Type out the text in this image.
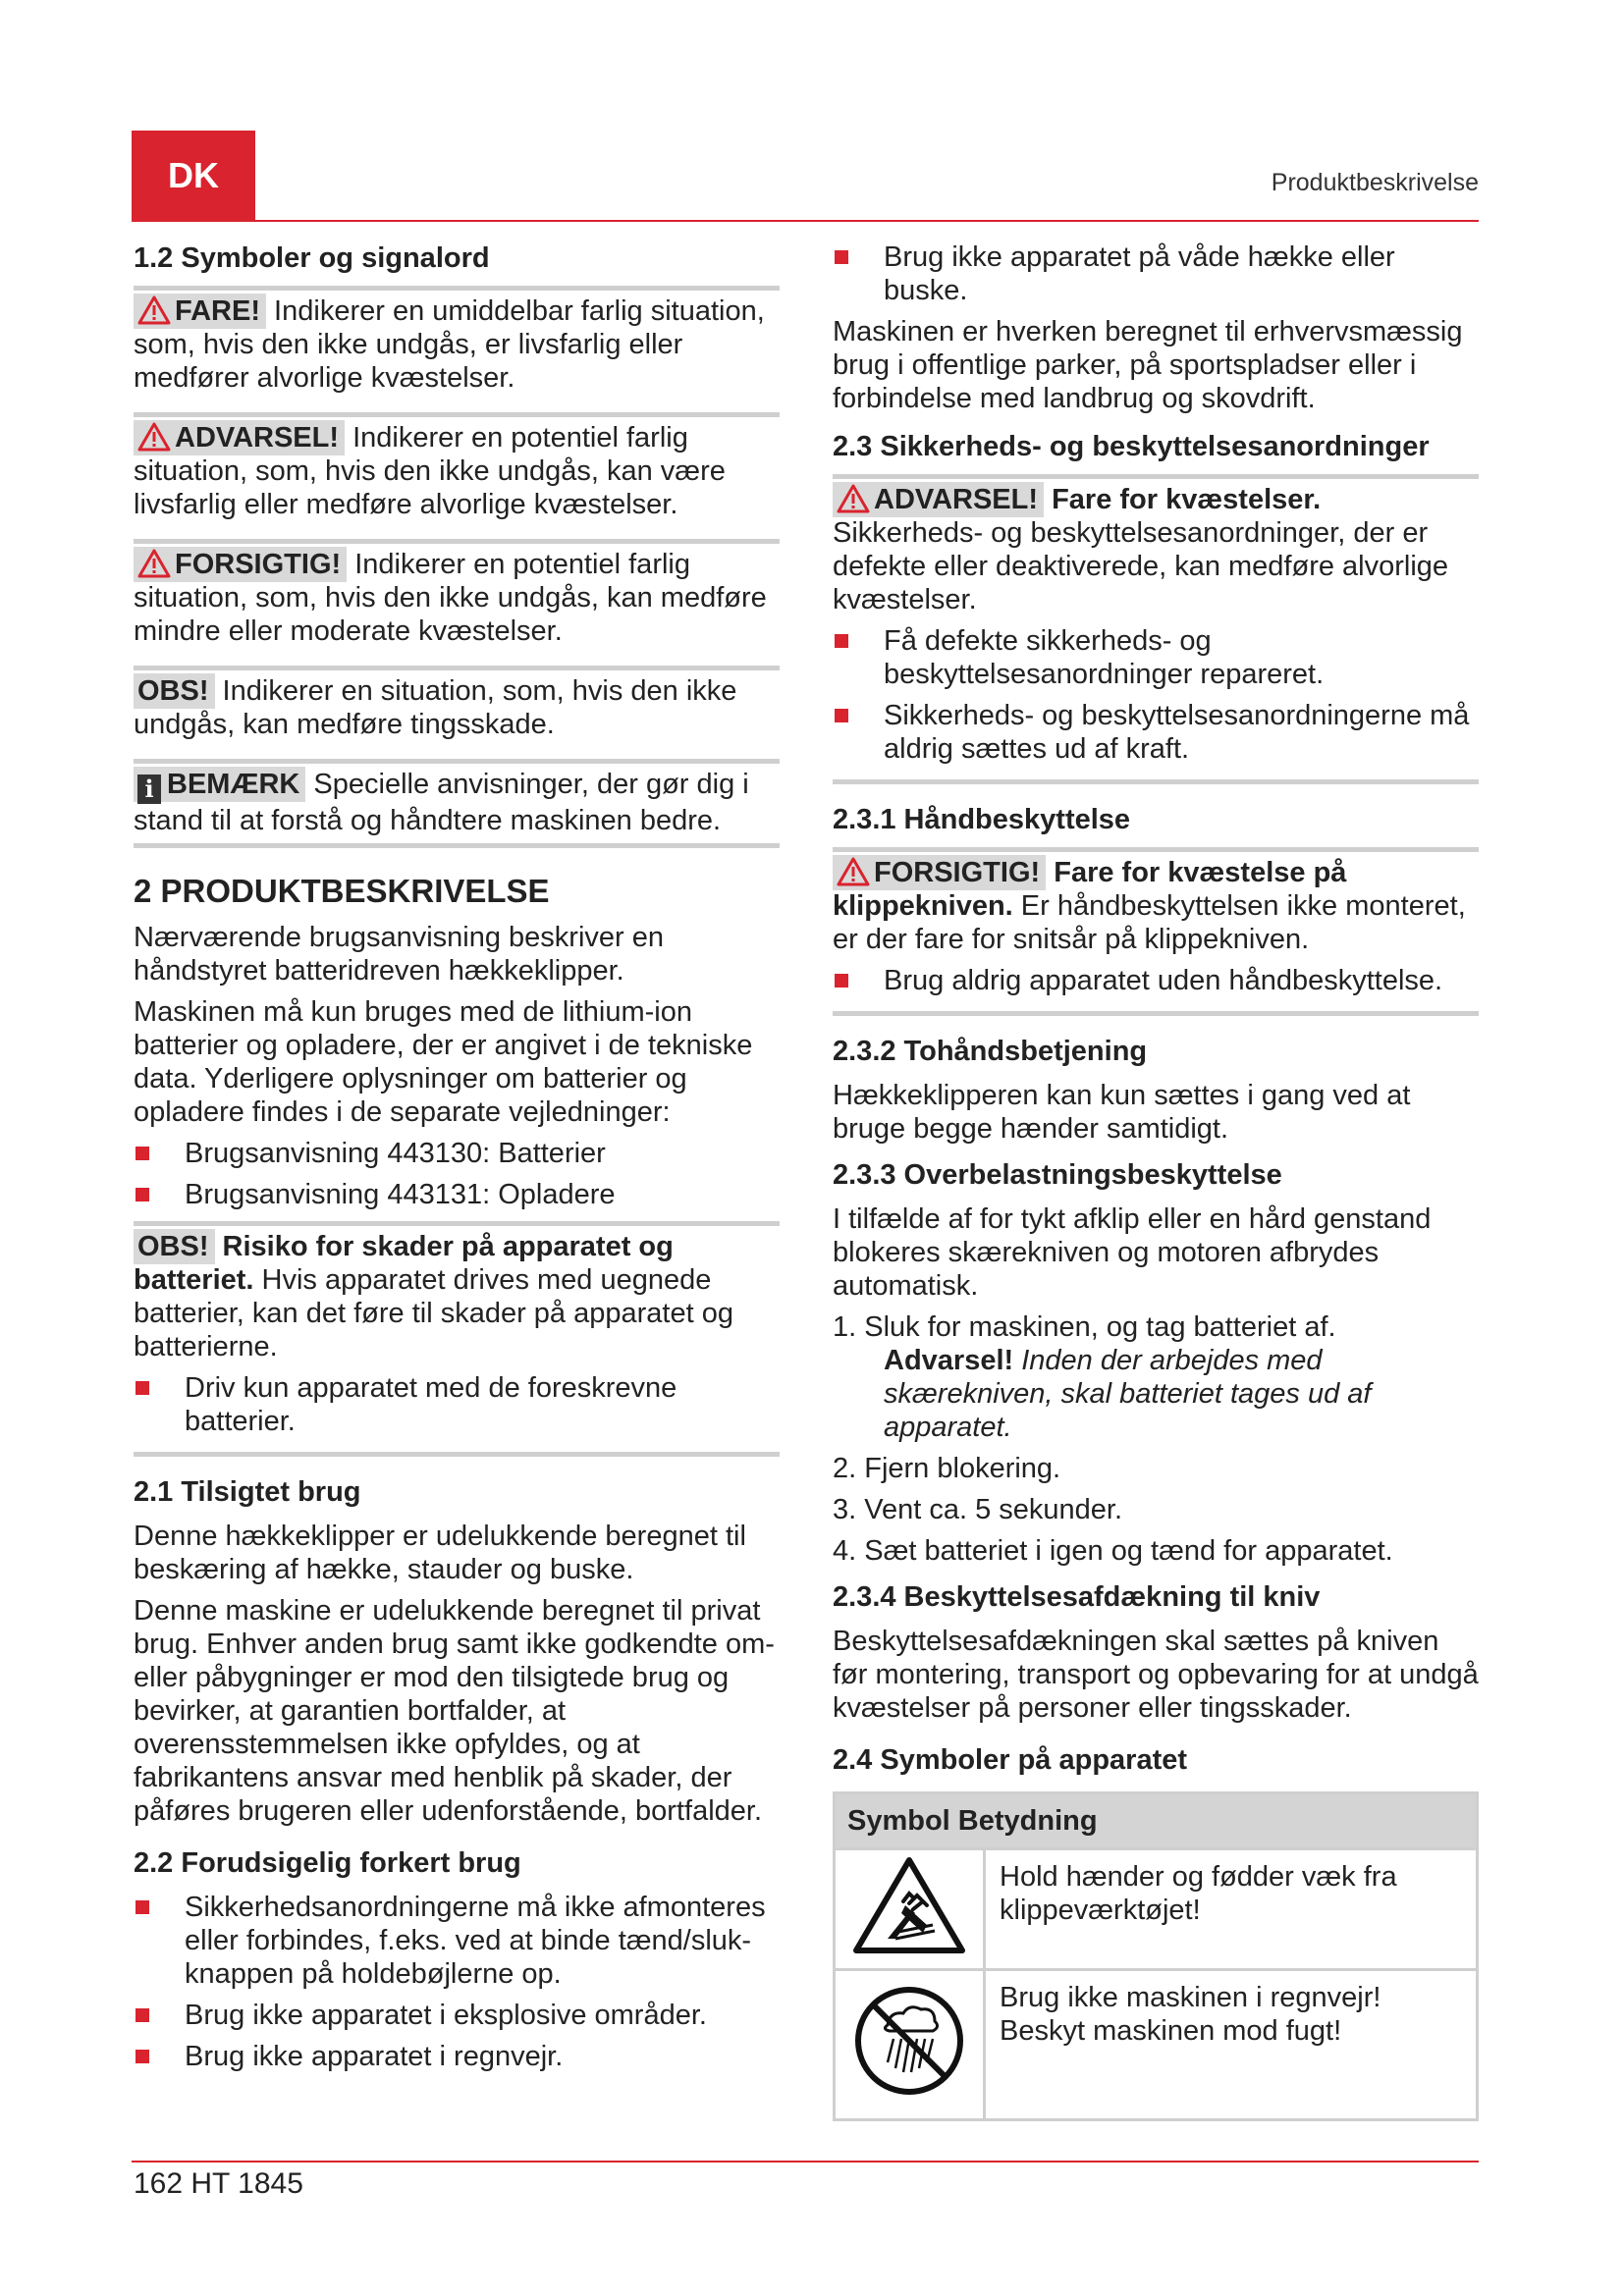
DK	Produktbeskrivelse
1.2 Symboler og signalord

FARE! Indikerer en umiddelbar farlig situation, som, hvis den ikke undgås, er livsfarlig eller medfører alvorlige kvæstelser.

ADVARSEL! Indikerer en potentiel farlig situation, som, hvis den ikke undgås, kan være livsfarlig eller medføre alvorlige kvæstelser.

FORSIGTIG! Indikerer en potentiel farlig situation, som, hvis den ikke undgås, kan medføre mindre eller moderate kvæstelser.

OBS! Indikerer en situation, som, hvis den ikke undgås, kan medføre tingsskade.

i BEMÆRK Specielle anvisninger, der gør dig i stand til at forstå og håndtere maskinen bedre.

2 PRODUKTBESKRIVELSE

Nærværende brugsanvisning beskriver en håndstyret batteridreven hækkeklipper.

Maskinen må kun bruges med de lithium-ion batterier og opladere, der er angivet i de tekniske data. Yderligere oplysninger om batterier og opladere findes i de separate vejledninger:

Brugsanvisning 443130: Batterier
Brugsanvisning 443131: Opladere

OBS! Risiko for skader på apparatet og batteriet. Hvis apparatet drives med uegnede batterier, kan det føre til skader på apparatet og batterierne.

Driv kun apparatet med de foreskrevne batterier.
2.1 Tilsigtet brug

Denne hækkeklipper er udelukkende beregnet til beskæring af hække, stauder og buske.

Denne maskine er udelukkende beregnet til privat brug. Enhver anden brug samt ikke godkendte om- eller påbygninger er mod den tilsigtede brug og bevirker, at garantien bortfalder, at overensstemmelsen ikke opfyldes, og at fabrikantens ansvar med henblik på skader, der påføres brugeren eller udenforstående, bortfalder.

2.2 Forudsigelig forkert brug
Sikkerhedsanordningerne må ikke afmonteres eller forbindes, f.eks. ved at binde tænd/sluk-knappen på holdebøjlerne op.
Brug ikke apparatet i eksplosive områder.
Brug ikke apparatet i regnvejr.
Brug ikke apparatet på våde hække eller buske.

Maskinen er hverken beregnet til erhvervsmæssig brug i offentlige parker, på sportspladser eller i forbindelse med landbrug og skovdrift.

2.3 Sikkerheds- og beskyttelsesanordninger

ADVARSEL! Fare for kvæstelser. Sikkerheds- og beskyttelsesanordninger, der er defekte eller deaktiverede, kan medføre alvorlige kvæstelser.

Få defekte sikkerheds- og beskyttelsesanordninger repareret.
Sikkerheds- og beskyttelsesanordningerne må aldrig sættes ud af kraft.
2.3.1 Håndbeskyttelse

FORSIGTIG! Fare for kvæstelse på klippekniven. Er håndbeskyttelsen ikke monteret, er der fare for snitsår på klippekniven.

Brug aldrig apparatet uden håndbeskyttelse.
2.3.2 Tohåndsbetjening

Hækkeklipperen kan kun sættes i gang ved at bruge begge hænder samtidigt.

2.3.3 Overbelastningsbeskyttelse

I tilfælde af for tykt afklip eller en hård genstand blokeres skærekniven og motoren afbrydes automatisk.

1. Sluk for maskinen, og tag batteriet af.
Advarsel! Inden der arbejdes med skærekniven, skal batteriet tages ud af apparatet.
2. Fjern blokering.
3. Vent ca. 5 sekunder.
4. Sæt batteriet i igen og tænd for apparatet.
2.3.4 Beskyttelsesafdækning til kniv

Beskyttelsesafdækningen skal sættes på kniven før montering, transport og opbevaring for at undgå kvæstelser på personer eller tingsskader.

2.4 Symboler på apparatet
Symbol Betydning	
	Hold hænder og fødder væk fra klippeværktøjet!
	Brug ikke maskinen i regnvejr! Beskyt maskinen mod fugt!
162 HT 1845
